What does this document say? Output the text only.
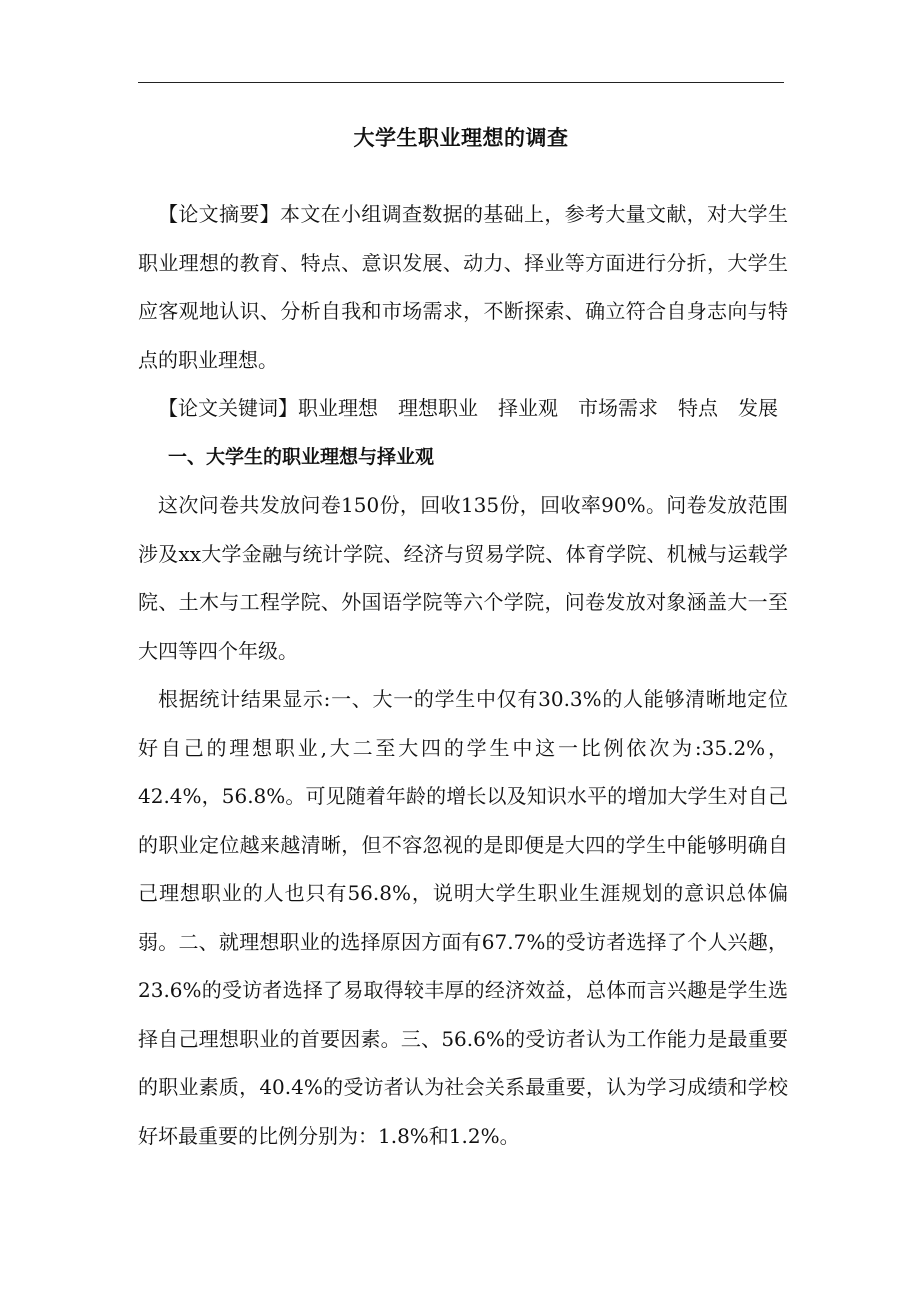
大学生职业理想的调查

【论文摘要】本文在小组调查数据的基础上，参考大量文献，对大学生职业理想的教育、特点、意识发展、动力、择业等方面进行分折，大学生应客观地认识、分析自我和市场需求，不断探索、确立符合自身志向与特点的职业理想。

【论文关键词】职业理想 理想职业 择业观 市场需求 特点 发展

一、大学生的职业理想与择业观

这次问卷共发放问卷150份，回收135份，回收率90%。问卷发放范围涉及xx大学金融与统计学院、经济与贸易学院、体育学院、机械与运载学院、土木与工程学院、外国语学院等六个学院，问卷发放对象涵盖大一至大四等四个年级。

根据统计结果显示:一、大一的学生中仅有30.3%的人能够清晰地定位好自己的理想职业,大二至大四的学生中这一比例依次为:35.2%，42.4%，56.8%。可见随着年龄的增长以及知识水平的增加大学生对自己的职业定位越来越清晰，但不容忽视的是即便是大四的学生中能够明确自己理想职业的人也只有56.8%，说明大学生职业生涯规划的意识总体偏弱。二、就理想职业的选择原因方面有67.7%的受访者选择了个人兴趣，23.6%的受访者选择了易取得较丰厚的经济效益，总体而言兴趣是学生选择自己理想职业的首要因素。三、56.6%的受访者认为工作能力是最重要的职业素质，40.4%的受访者认为社会关系最重要，认为学习成绩和学校好坏最重要的比例分别为：1.8%和1.2%。
